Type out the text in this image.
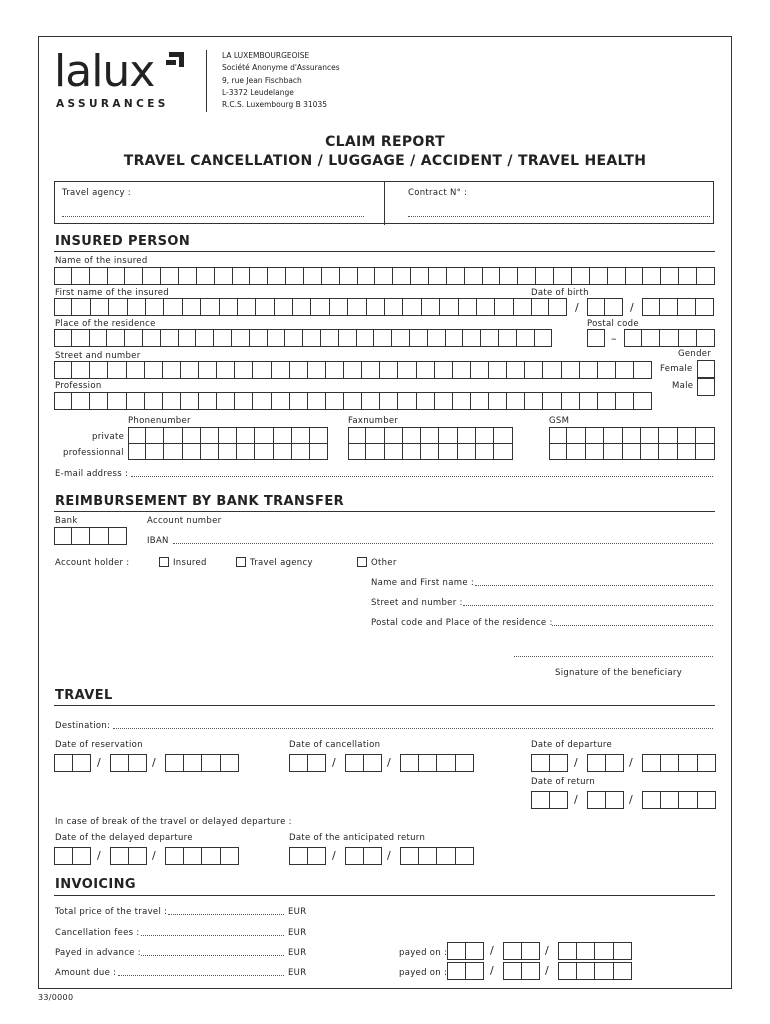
lalux
ASSURANCES
LA LUXEMBOURGEOISE
Société Anonyme d'Assurances
9, rue Jean Fischbach
L-3372 Leudelange
R.C.S. Luxembourg B 31035
CLAIM REPORT
TRAVEL CANCELLATION / LUGGAGE / ACCIDENT / TRAVEL HEALTH
Travel agency :	Contract N° :
INSURED PERSON
Name of the insured
First name of the insured	Date of birth
/	/
Place of the residence	Postal code
–
Street and number	Gender
Female
Male
Profession
Phonenumber	Faxnumber	GSM
private
professionnal
E-mail address :
REIMBURSEMENT BY BANK TRANSFER
Bank	Account number
IBAN
Account holder :	Insured	Travel agency	Other
Name and First name :
Street and number :
Postal code and Place of the residence :
Signature of the beneficiary
TRAVEL
Destination:
Date of reservation	Date of cancellation	Date of departure
Date of return
In case of break of the travel or delayed departure :
Date of the delayed departure	Date of the anticipated return
INVOICING
Total price of the travel :	EUR
Cancellation fees :	EUR
Payed in advance :	EUR	payed on :
Amount due :	EUR	payed on :
33/0000
/	/	/	/	/	/
/	/
/	/	/	/
/	/
/	/
